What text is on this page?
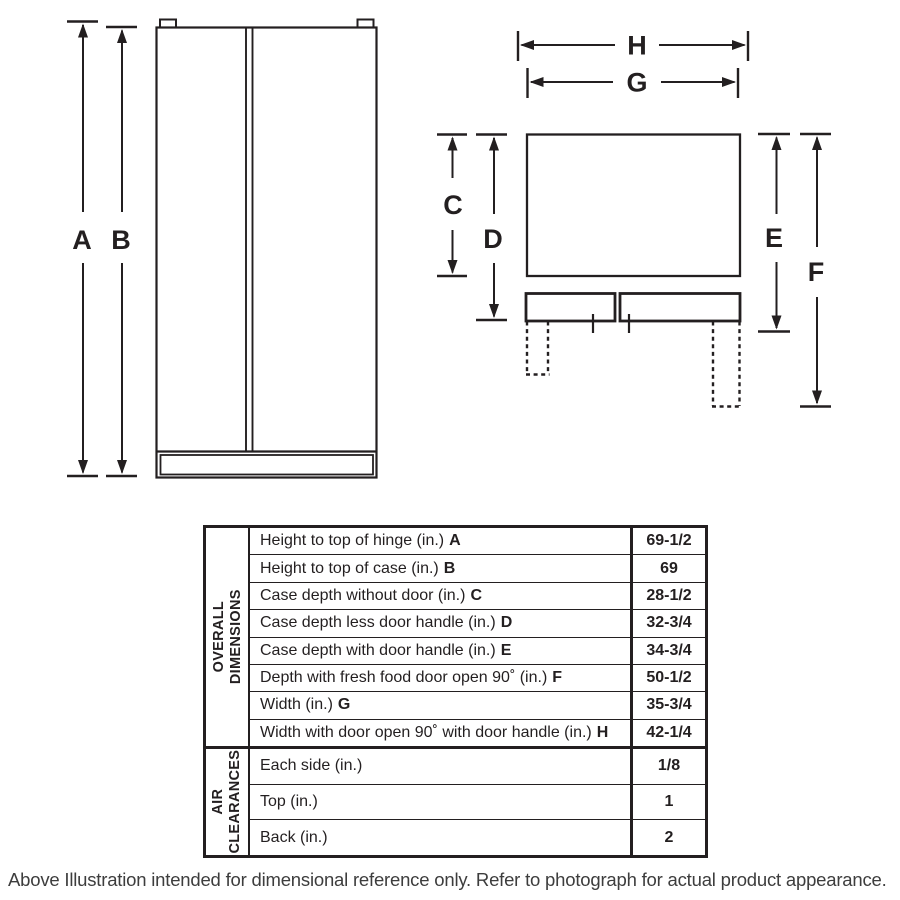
A B
H
G
C
D	E
F
OVERALL DIMENSIONS
Height to top of hinge (in.) A	69-1/2
Height to top of case (in.) B	69
Case depth without door (in.) C	28-1/2
Case depth less door handle (in.) D	32-3/4
Case depth with door handle (in.) E	34-3/4
Depth with fresh food door open 90˚ (in.) F	50-1/2
Width (in.) G	35-3/4
Width with door open 90˚ with door handle (in.) H	42-1/4
AIR CLEARANCES Each side (in.)	1/8
Top (in.)	1
Back (in.)	2
Above Illustration intended for dimensional reference only. Refer to photograph for actual product appearance.
